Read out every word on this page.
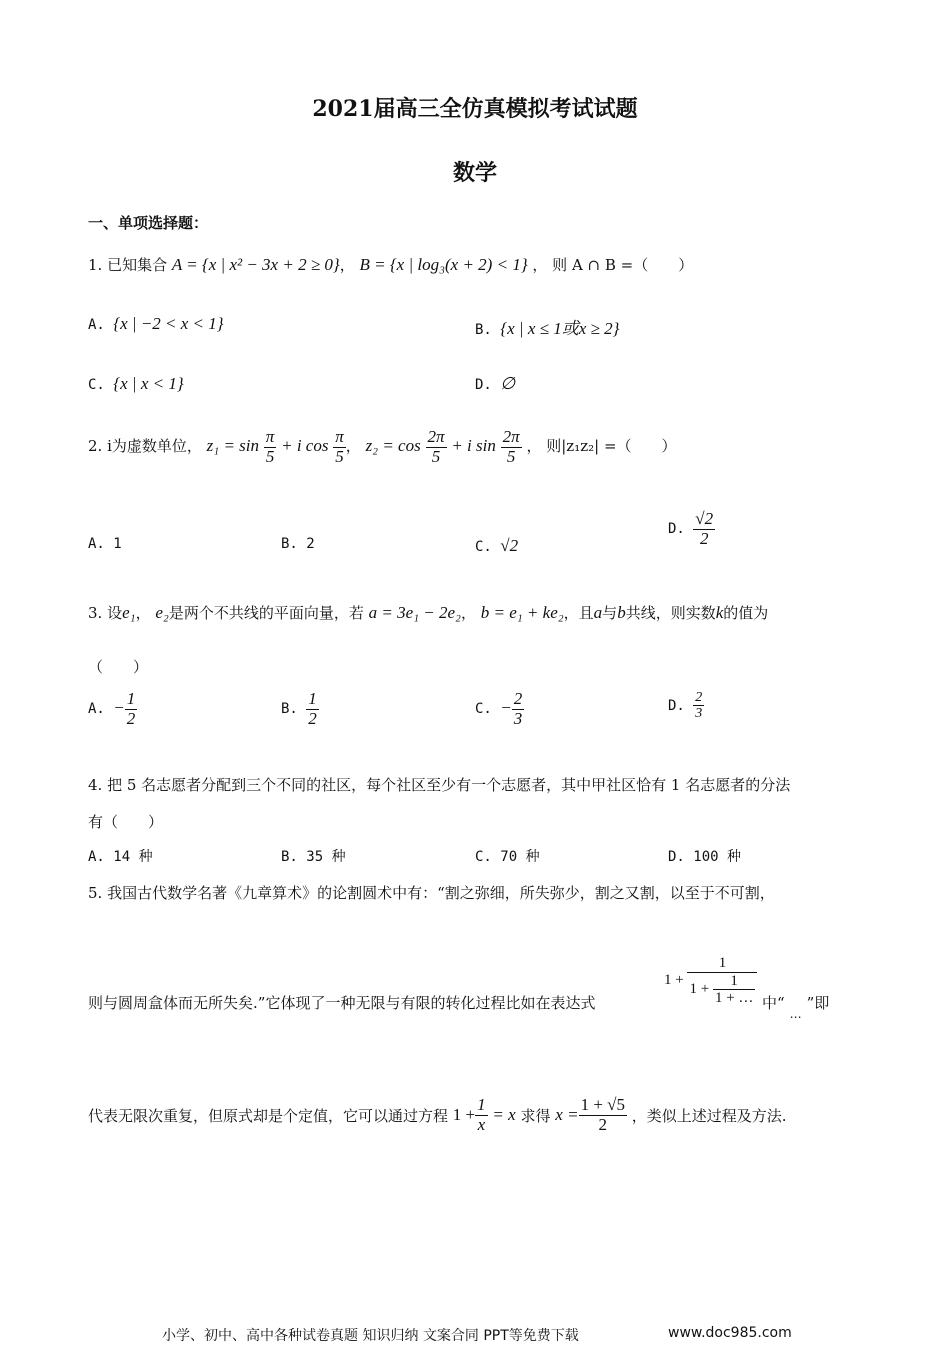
2021届高三全仿真模拟考试试题
数学
一、单项选择题：
1. 已知集合 A = {x | x² − 3x + 2 ≥ 0}， B = {x | log₃(x + 2) < 1} ， 则 A ∩ B =（　　）
A. {x | −2 < x < 1}	B. {x | x ≤ 1或x ≥ 2}
C. {x | x < 1}	D. ∅
2. i为虚数单位， $z_1 = \sin \frac{\pi}{5} + i$ $\cos \frac{\pi}{5}$ ， $z_2 = \cos \frac{2\pi}{5} + i$ $\sin \frac{2\pi}{5}$ ， 则|z₁z₂| =（　　）
A. 1	B. 2	C. √2
D. $\frac{√2}{2}$
3. 设e₁， e₂是两个不共线的平面向量，若 a = 3e₁ − 2e₂， b = e₁ + ke₂，且a与b共线，则实数k的值为
（　　）
A. − $\frac{1}{2}$	B. $\frac{1}{2}$	C. − $\frac{2}{3}$	D. $\frac{2}{3}$
4. 把 5 名志愿者分配到三个不同的社区，每个社区至少有一个志愿者，其中甲社区恰有 1 名志愿者的分法
有（　　）
A. 14 种	B. 35 种	C. 70 种	D. 100 种
5. 我国古代数学名著《九章算术》的论割圆术中有：“割之弥细，所失弥少，割之又割，以至于不可割，
则与圆周盒体而无所失矣.”它体现了一种无限与有限的转化过程比如在表达式
$1 + \frac{1}{1 + \frac{1}{1 + \dots}}$ 中“…”即
代表无限次重复，但原式却是个定值，它可以通过方程 $1 + \frac{1}{x} = x$ 求得 $x = \frac{1 + √5}{2}$ ，类似上述过程及方法.
小学、初中、高中各种试卷真题 知识归纳 文案合同 PPT等免费下载	www.doc985.com
